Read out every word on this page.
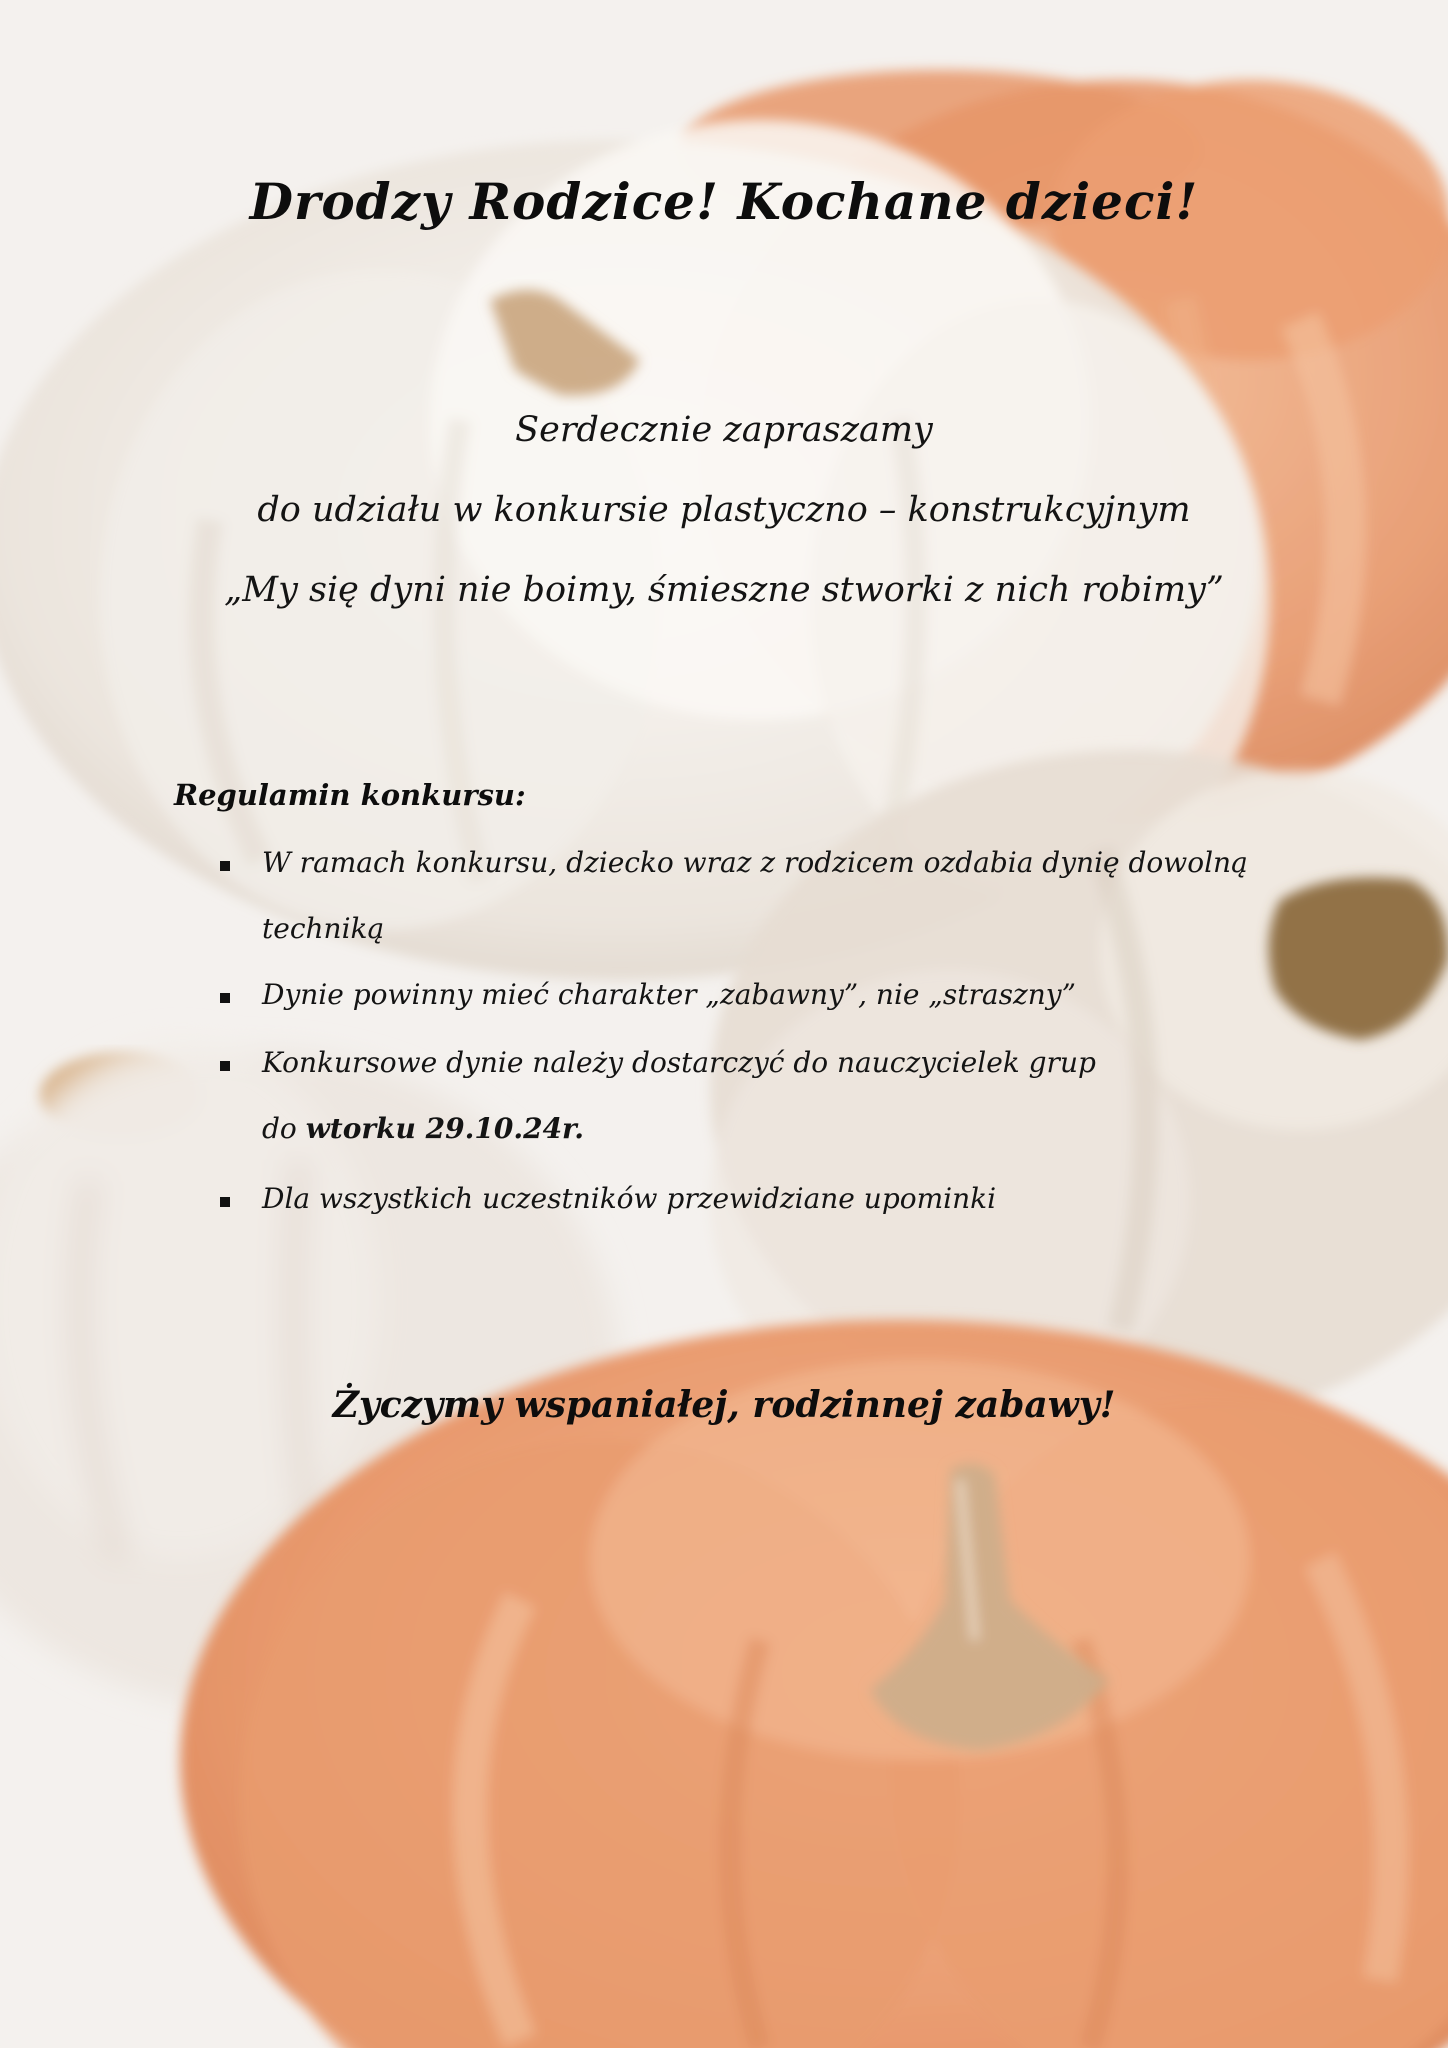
Drodzy Rodzice! Kochane dzieci!
Serdecznie zapraszamy
do udziału w konkursie plastyczno – konstrukcyjnym
„My się dyni nie boimy, śmieszne stworki z nich robimy”
Regulamin konkursu:
W ramach konkursu, dziecko wraz z rodzicem ozdabia dynię dowolną
techniką
Dynie powinny mieć charakter „zabawny”, nie „straszny”
Konkursowe dynie należy dostarczyć do nauczycielek grup
do wtorku 29.10.24r.
Dla wszystkich uczestników przewidziane upominki
Życzymy wspaniałej, rodzinnej zabawy!
